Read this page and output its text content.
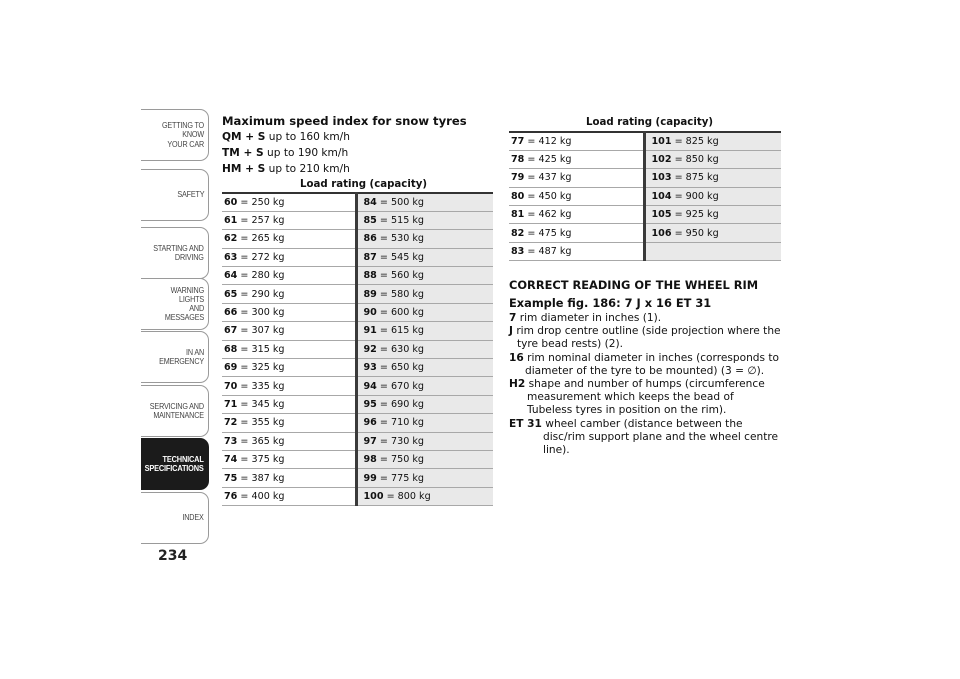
GETTING TO KNOW
YOUR CAR
SAFETY
STARTING AND
DRIVING
WARNING LIGHTS
AND MESSAGES
IN AN EMERGENCY
SERVICING AND
MAINTENANCE
TECHNICAL
SPECIFICATIONS
INDEX
234
Maximum speed index for snow tyres
QM + S up to 160 km/h
TM + S up to 190 km/h
HM + S up to 210 km/h
Load rating (capacity)
60 = 250 kg	84 = 500 kg
61 = 257 kg	85 = 515 kg
62 = 265 kg	86 = 530 kg
63 = 272 kg	87 = 545 kg
64 = 280 kg	88 = 560 kg
65 = 290 kg	89 = 580 kg
66 = 300 kg	90 = 600 kg
67 = 307 kg	91 = 615 kg
68 = 315 kg	92 = 630 kg
69 = 325 kg	93 = 650 kg
70 = 335 kg	94 = 670 kg
71 = 345 kg	95 = 690 kg
72 = 355 kg	96 = 710 kg
73 = 365 kg	97 = 730 kg
74 = 375 kg	98 = 750 kg
75 = 387 kg	99 = 775 kg
76 = 400 kg	100 = 800 kg
Load rating (capacity)
77 = 412 kg	101 = 825 kg
78 = 425 kg	102 = 850 kg
79 = 437 kg	103 = 875 kg
80 = 450 kg	104 = 900 kg
81 = 462 kg	105 = 925 kg
82 = 475 kg	106 = 950 kg
83 = 487 kg	
CORRECT READING OF THE WHEEL RIM
Example fig. 186: 7 J x 16 ET 31
7 rim diameter in inches (1).
J rim drop centre outline (side projection where the tyre bead rests) (2).
16 rim nominal diameter in inches (corresponds to diameter of the tyre to be mounted) (3 = ∅).
H2 shape and number of humps (circumference measurement which keeps the bead of Tubeless tyres in position on the rim).
ET 31 wheel camber (distance between the disc/rim support plane and the wheel centre line).
